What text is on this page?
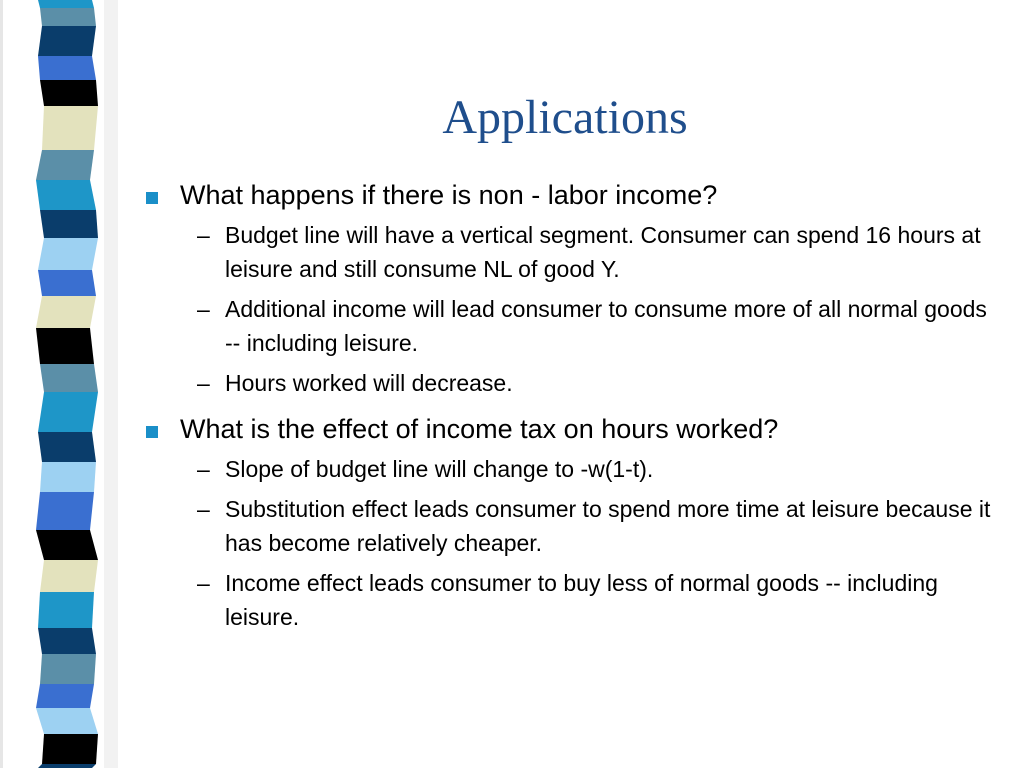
Applications
What happens if there is non - labor income?
– Budget line will have a vertical segment. Consumer can spend 16 hours at leisure and still consume NL of good Y.
– Additional income will lead consumer to consume more of all normal goods -- including leisure.
– Hours worked will decrease.
What is the effect of income tax on hours worked?
– Slope of budget line will change to -w(1-t).
– Substitution effect leads consumer to spend more time at leisure because it has become relatively cheaper.
– Income effect leads consumer to buy less of normal goods -- including leisure.
